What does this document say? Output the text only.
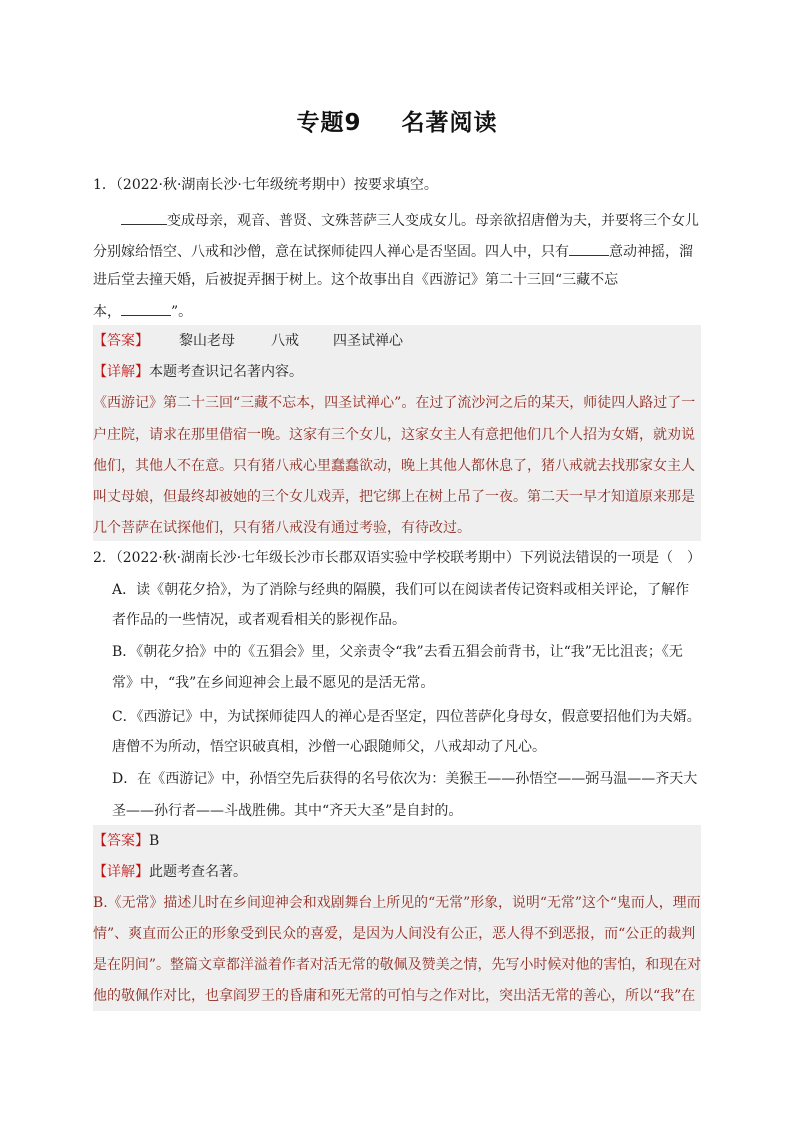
专题9 名著阅读
1．（2022·秋·湖南长沙·七年级统考期中）按要求填空。
变成母亲，观音、普贤、文殊菩萨三人变成女儿。母亲欲招唐僧为夫，并要将三个女儿
分别嫁给悟空、八戒和沙僧，意在试探师徒四人禅心是否坚固。四人中，只有	意动神摇，溜
进后堂去撞天婚，后被捉弄捆于树上。这个故事出自《西游记》第二十三回“三藏不忘
本，	”。
【答案】 黎山老母	八戒 四圣试禅心
【详解】本题考查识记名著内容。
《西游记》第二十三回“三藏不忘本，四圣试禅心”。在过了流沙河之后的某天，师徒四人路过了一
户庄院，请求在那里借宿一晚。这家有三个女儿，这家女主人有意把他们几个人招为女婿，就劝说
他们，其他人不在意。只有猪八戒心里蠢蠢欲动，晚上其他人都休息了，猪八戒就去找那家女主人
叫丈母娘，但最终却被她的三个女儿戏弄，把它绑上在树上吊了一夜。第二天一早才知道原来那是
几个菩萨在试探他们，只有猪八戒没有通过考验，有待改过。
2．（2022·秋·湖南长沙·七年级长沙市长郡双语实验中学校联考期中）下列说法错误的一项是（　）
A．读《朝花夕拾》，为了消除与经典的隔膜，我们可以在阅读者传记资料或相关评论，了解作
者作品的一些情况，或者观看相关的影视作品。
B．《朝花夕拾》中的《五猖会》里，父亲责令“我”去看五猖会前背书，让“我”无比沮丧；《无
常》中，“我”在乡间迎神会上最不愿见的是活无常。
C．《西游记》中，为试探师徒四人的禅心是否坚定，四位菩萨化身母女，假意要招他们为夫婿。
唐僧不为所动，悟空识破真相，沙僧一心跟随师父，八戒却动了凡心。
D．在《西游记》中，孙悟空先后获得的名号依次为：美猴王——孙悟空——弼马温——齐天大
圣——孙行者——斗战胜佛。其中“齐天大圣”是自封的。
【答案】B
【详解】此题考查名著。
B.《无常》描述儿时在乡间迎神会和戏剧舞台上所见的“无常”形象，说明“无常”这个“鬼而人，理而
情”、爽直而公正的形象受到民众的喜爱，是因为人间没有公正，恶人得不到恶报，而“公正的裁判
是在阴间”。整篇文章都洋溢着作者对活无常的敬佩及赞美之情，先写小时候对他的害怕，和现在对
他的敬佩作对比，也拿阎罗王的昏庸和死无常的可怕与之作对比，突出活无常的善心，所以“我”在
